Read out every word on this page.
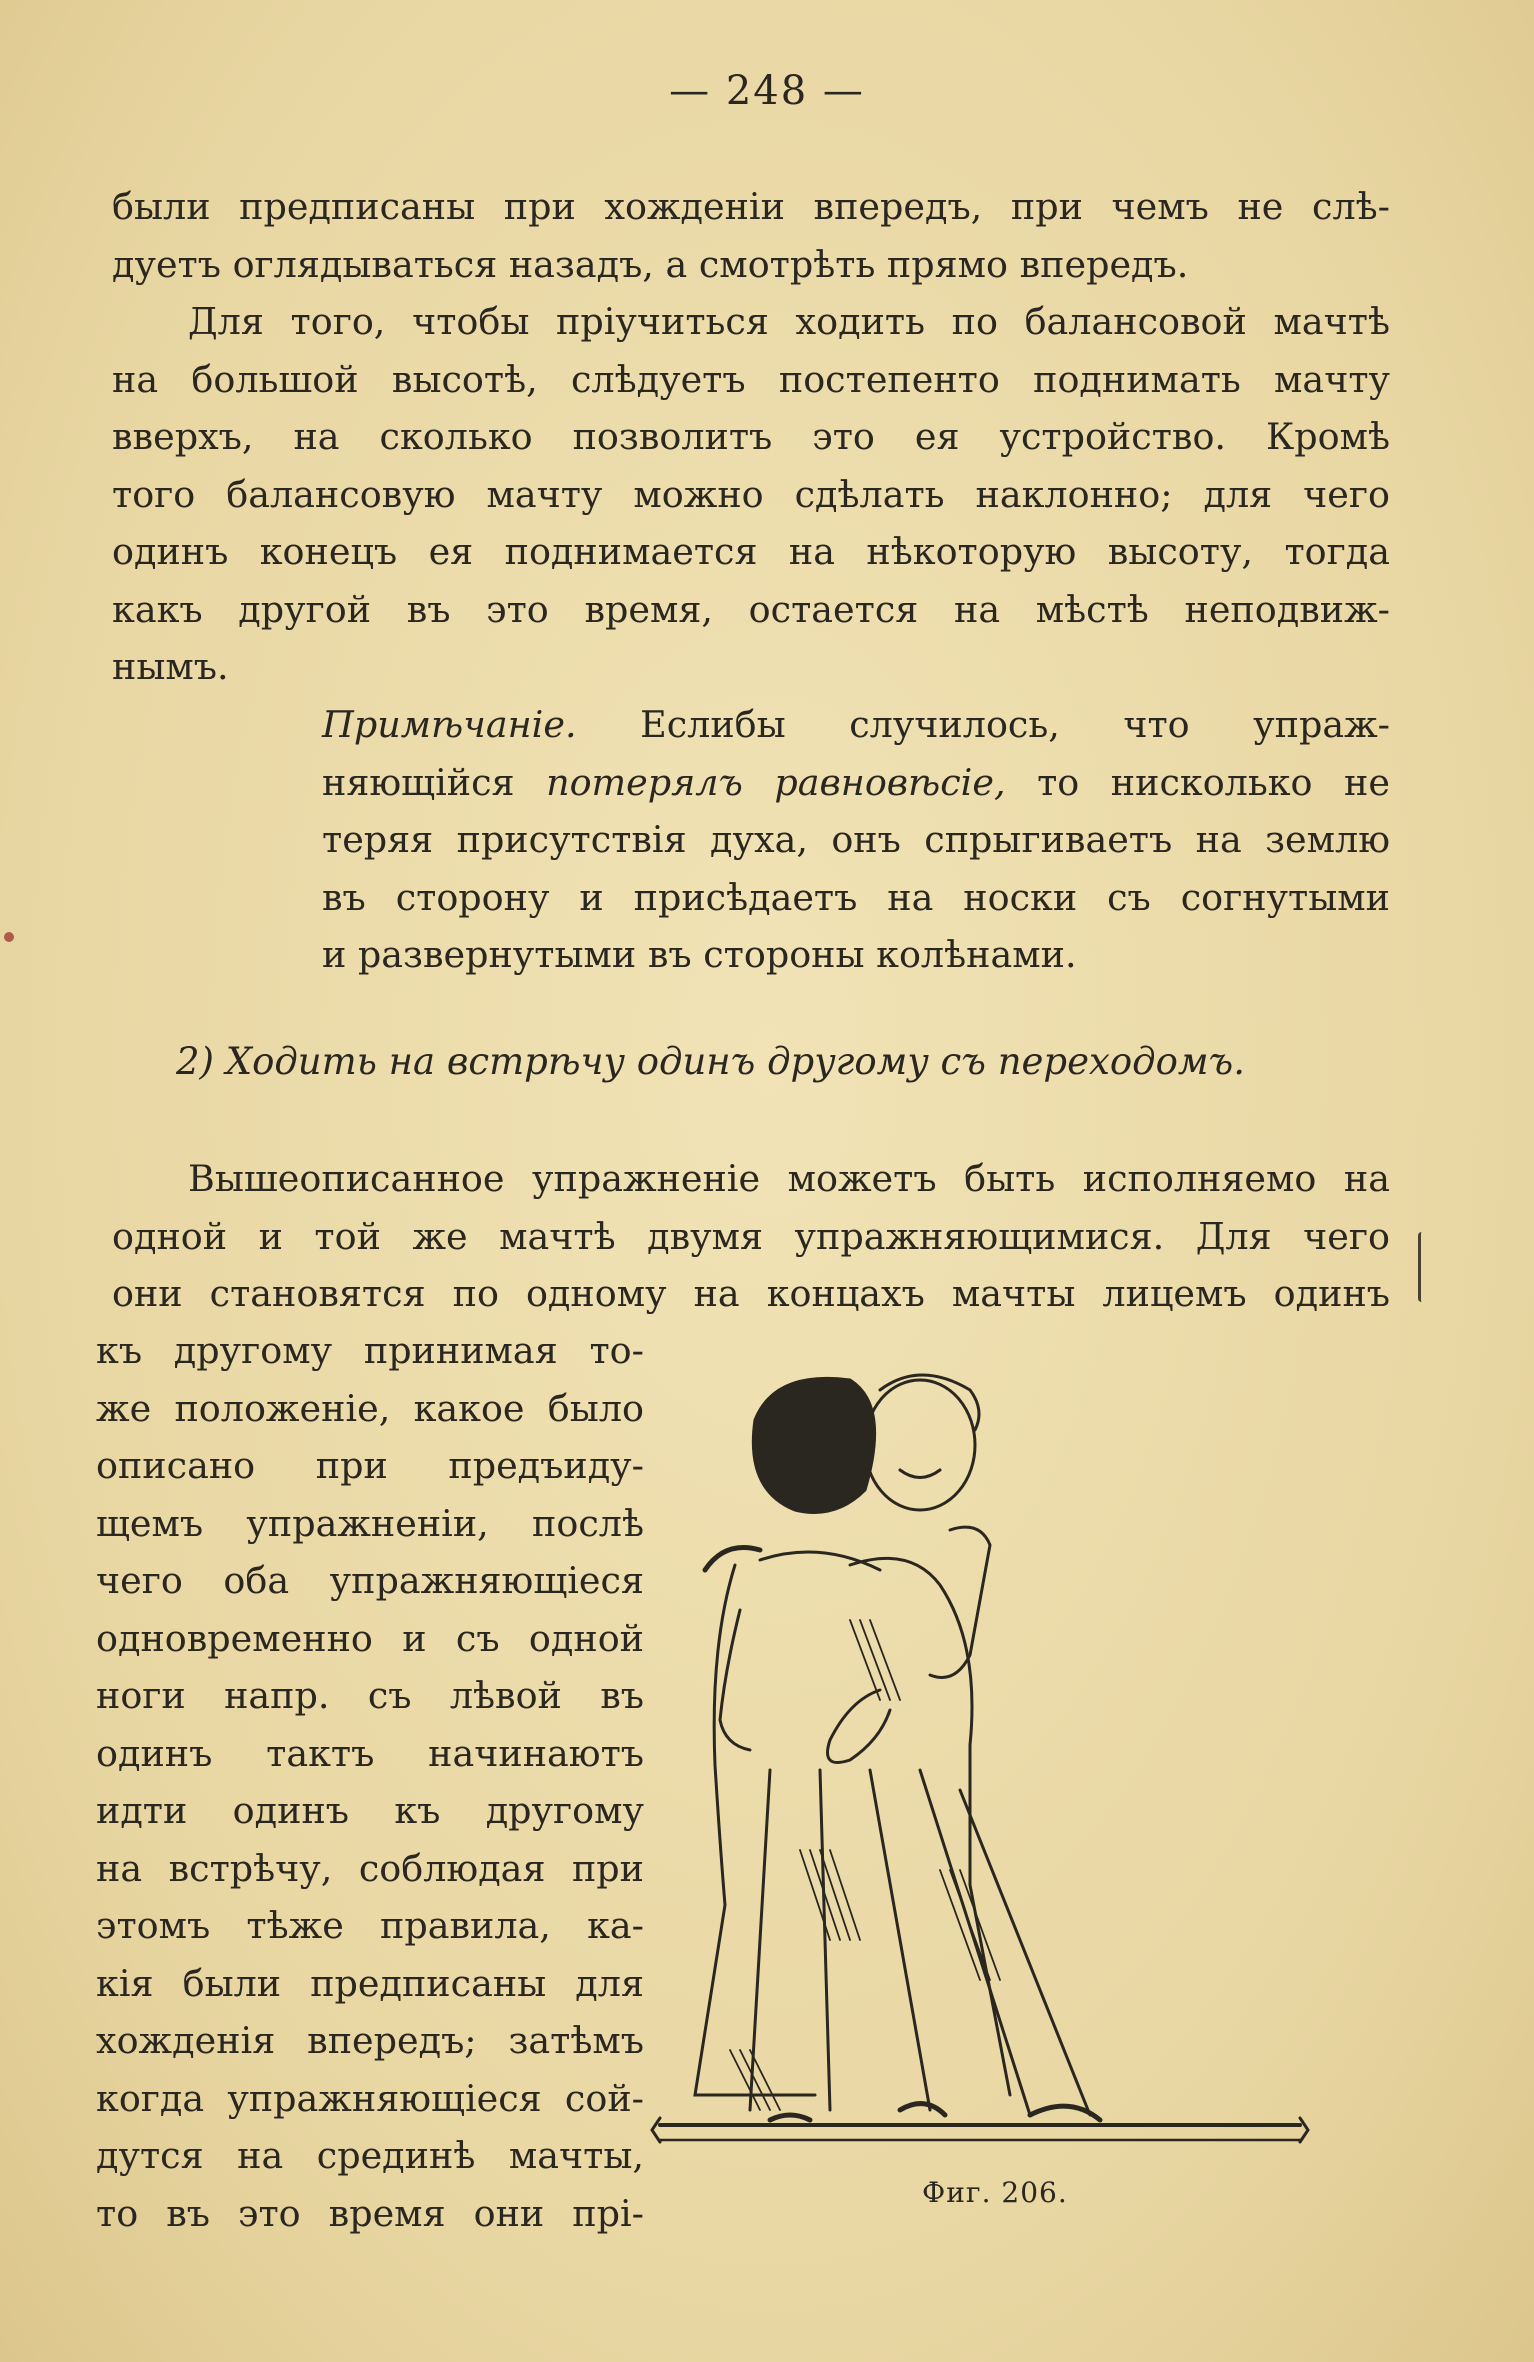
— 248 —
были предписаны при хожденіи впередъ, при чемъ не слѣ-
дуетъ оглядываться назадъ, а смотрѣть прямо впередъ.
Для того, чтобы пріучиться ходить по балансовой мачтѣ
на большой высотѣ, слѣдуетъ постепенто поднимать мачту
вверхъ, на сколько позволитъ это ея устройство. Кромѣ
того балансовую мачту можно сдѣлать наклонно; для чего
одинъ конецъ ея поднимается на нѣкоторую высоту, тогда
какъ другой въ это время, остается на мѣстѣ неподвиж-
нымъ.
Примѣчаніе. Еслибы случилось, что упраж-
няющійся потерялъ равновѣсіе, то нисколько не
теряя присутствія духа, онъ спрыгиваетъ на землю
въ сторону и присѣдаетъ на носки съ согнутыми
и развернутыми въ стороны колѣнами.
2) Ходить на встрѣчу одинъ другому съ переходомъ.
Вышеописанное упражненіе можетъ быть исполняемо на
одной и той же мачтѣ двумя упражняющимися. Для чего
они становятся по одному на концахъ мачты лицемъ одинъ
къ другому принимая то-
же положеніе, какое было
описано при предъиду-
щемъ упражненіи, послѣ
чего оба упражняющіеся
одновременно и съ одной
ноги напр. съ лѣвой въ
одинъ тактъ начинаютъ
идти одинъ къ другому
на встрѣчу, соблюдая при
этомъ тѣже правила, ка-
кія были предписаны для
хожденія впередъ; затѣмъ
когда упражняющіеся сой-
дутся на срединѣ мачты,
то въ это время они прі-	Фиг. 206.
